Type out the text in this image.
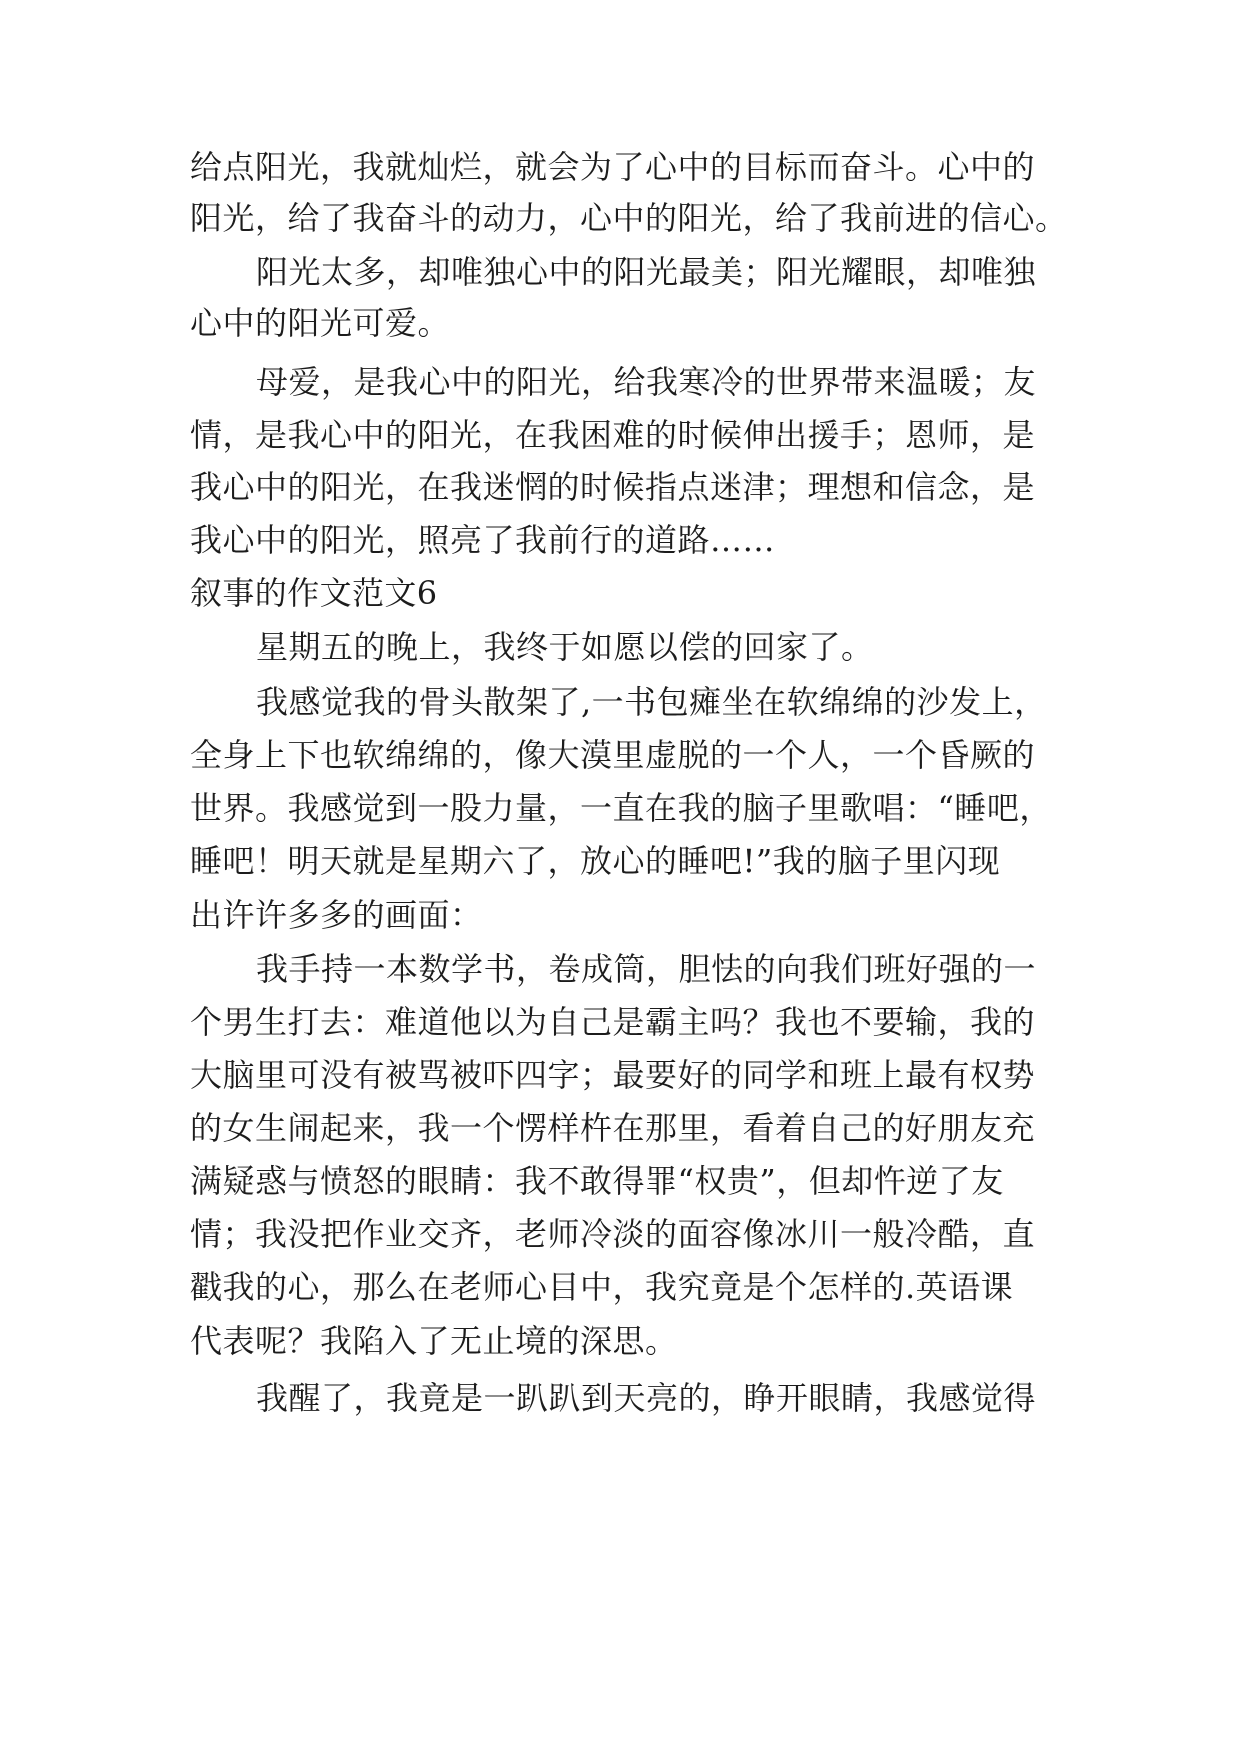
给点阳光，我就灿烂，就会为了心中的目标而奋斗。心中的

阳光，给了我奋斗的动力，心中的阳光，给了我前进的信心。

阳光太多，却唯独心中的阳光最美；阳光耀眼，却唯独

心中的阳光可爱。

母爱，是我心中的阳光，给我寒冷的世界带来温暖；友

情，是我心中的阳光，在我困难的时候伸出援手；恩师，是

我心中的阳光，在我迷惘的时候指点迷津；理想和信念，是

我心中的阳光，照亮了我前行的道路……

叙事的作文范文6

星期五的晚上，我终于如愿以偿的回家了。

我感觉我的骨头散架了,一书包瘫坐在软绵绵的沙发上，

全身上下也软绵绵的，像大漠里虚脱的一个人，一个昏厥的

世界。我感觉到一股力量，一直在我的脑子里歌唱：“睡吧，

睡吧！明天就是星期六了，放心的睡吧!”我的脑子里闪现

出许许多多的画面：

我手持一本数学书，卷成筒，胆怯的向我们班好强的一

个男生打去：难道他以为自己是霸主吗？我也不要输，我的

大脑里可没有被骂被吓四字；最要好的同学和班上最有权势

的女生闹起来，我一个愣样杵在那里，看着自己的好朋友充

满疑惑与愤怒的眼睛：我不敢得罪“权贵”，但却忤逆了友

情；我没把作业交齐，老师冷淡的面容像冰川一般冷酷，直

戳我的心，那么在老师心目中，我究竟是个怎样的.英语课

代表呢？我陷入了无止境的深思。

我醒了，我竟是一趴趴到天亮的，睁开眼睛，我感觉得
